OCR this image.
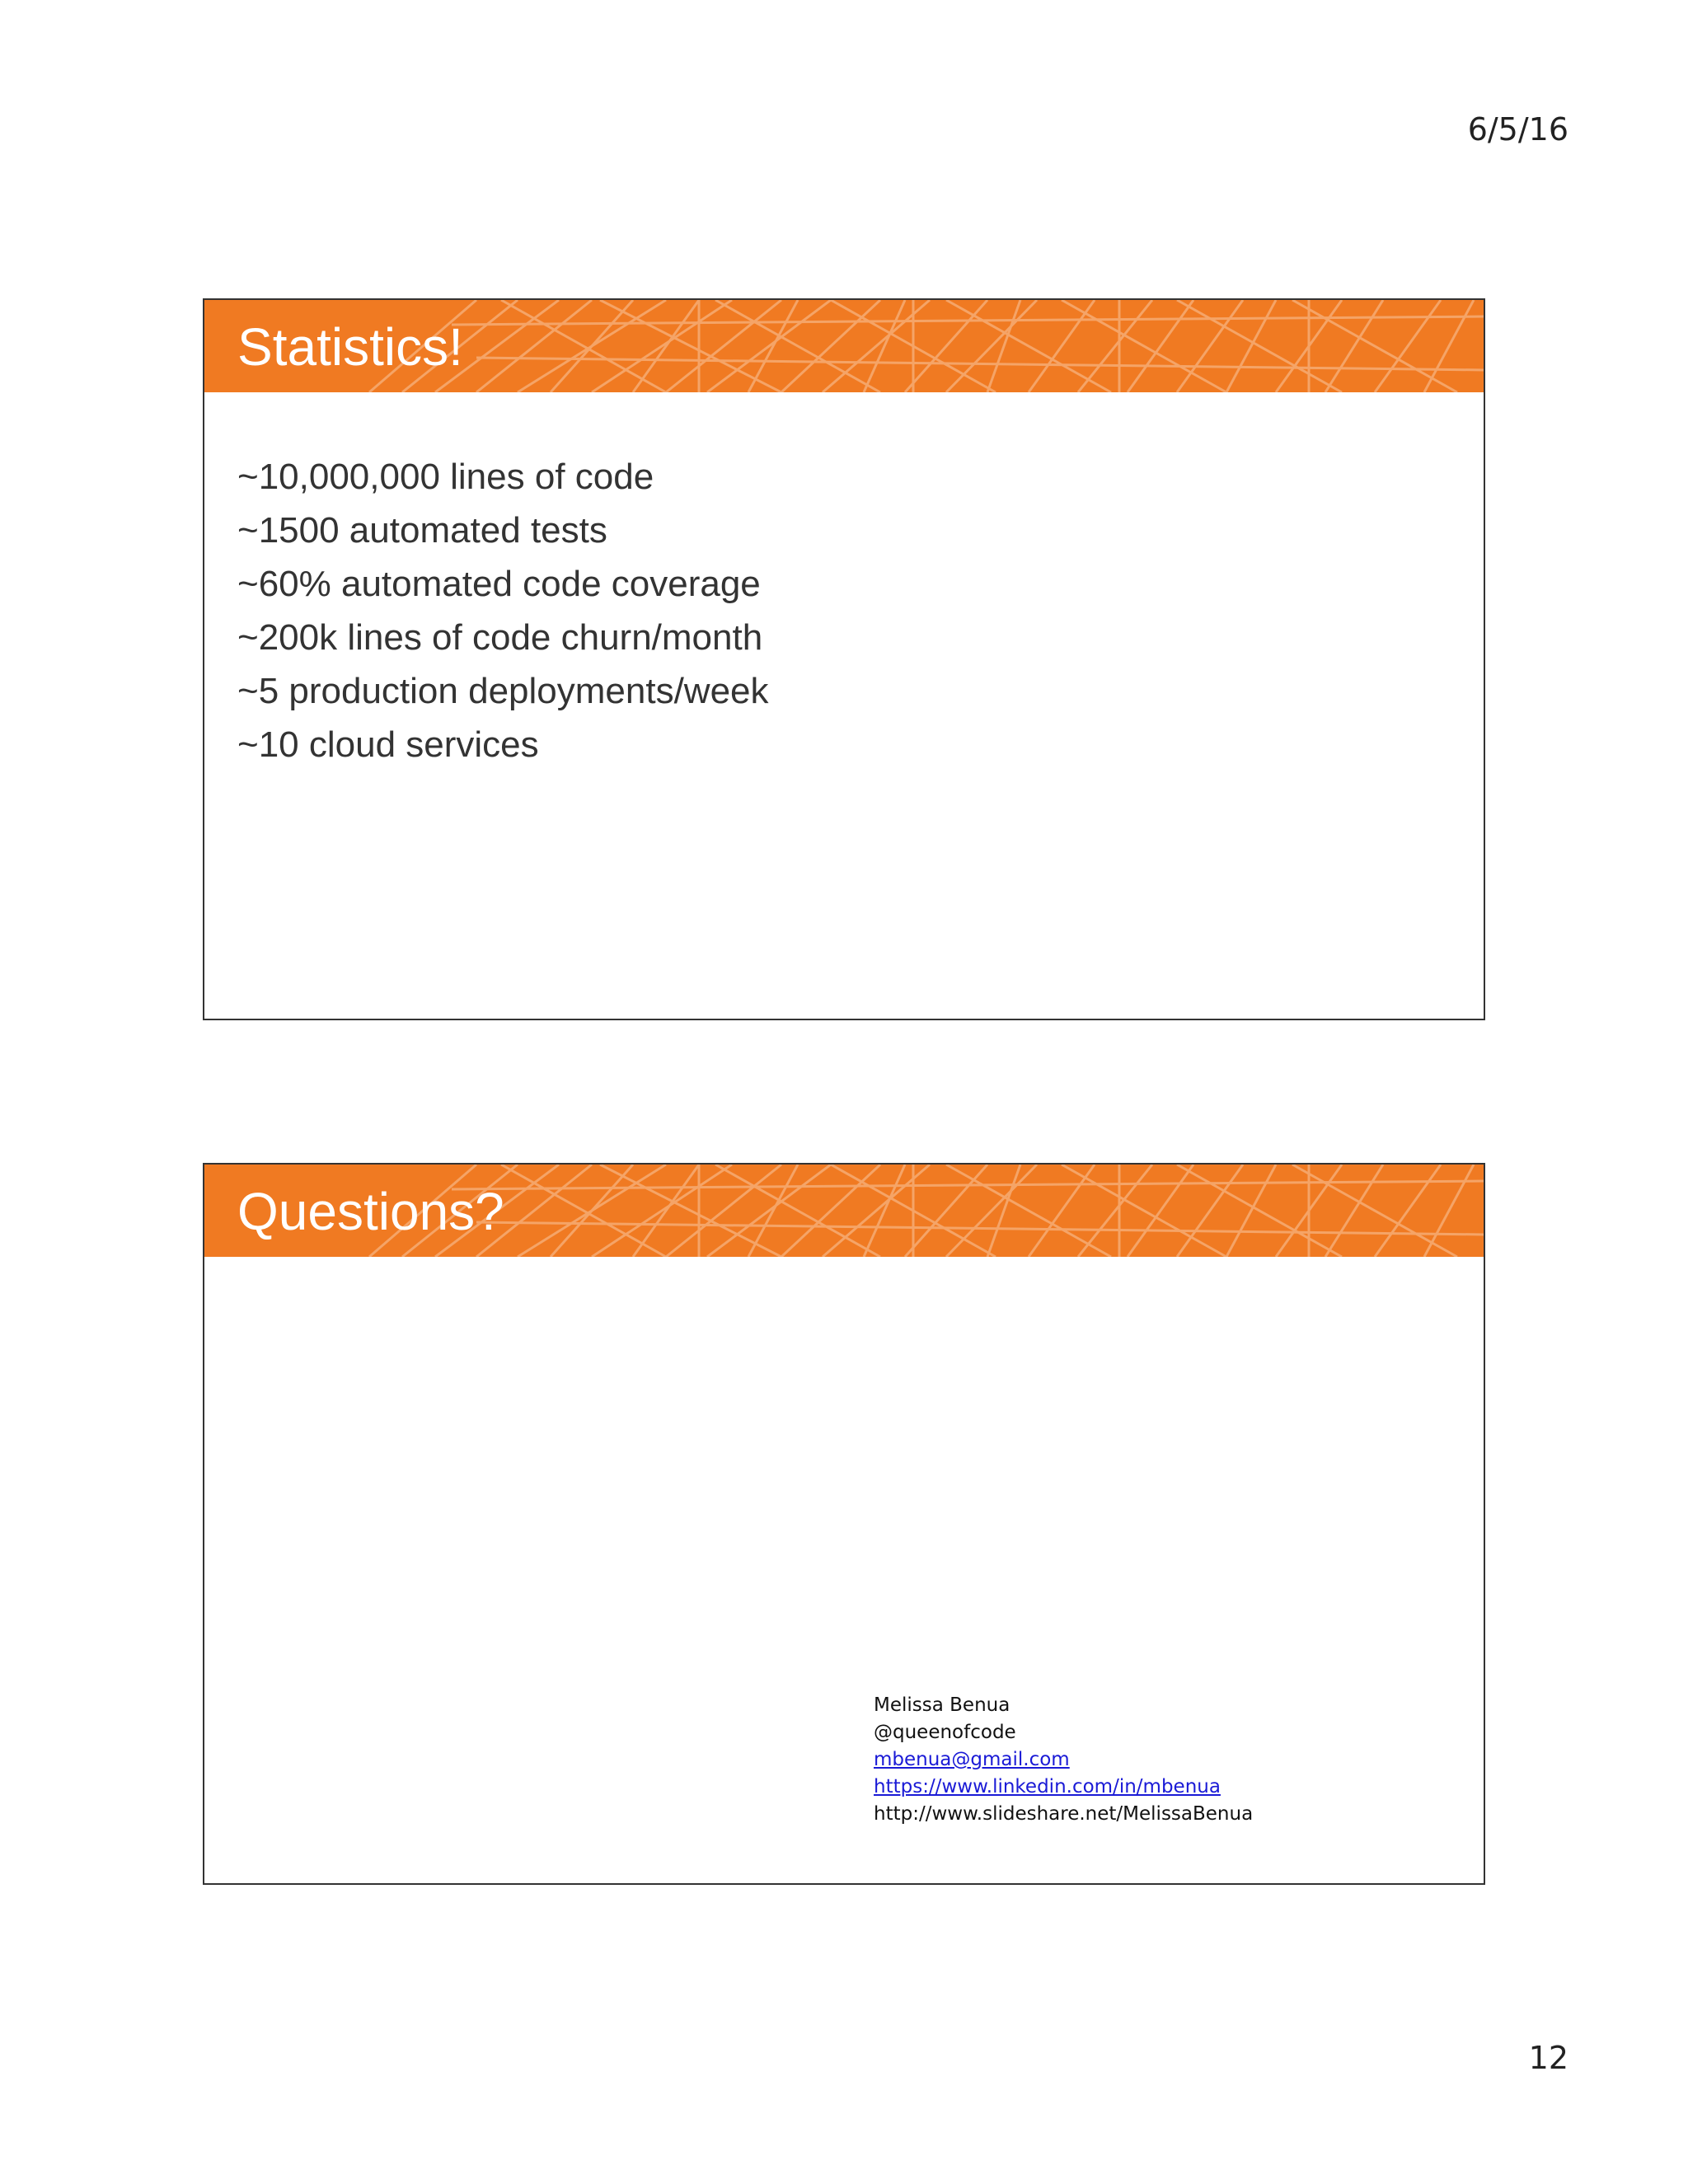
6/5/16
Statistics!
~10,000,000 lines of code
~1500 automated tests
~60% automated code coverage
~200k lines of code churn/month
~5 production deployments/week
~10 cloud services
Questions?
Melissa Benua
@queenofcode
mbenua@gmail.com
https://www.linkedin.com/in/mbenua
http://www.slideshare.net/MelissaBenua
12
